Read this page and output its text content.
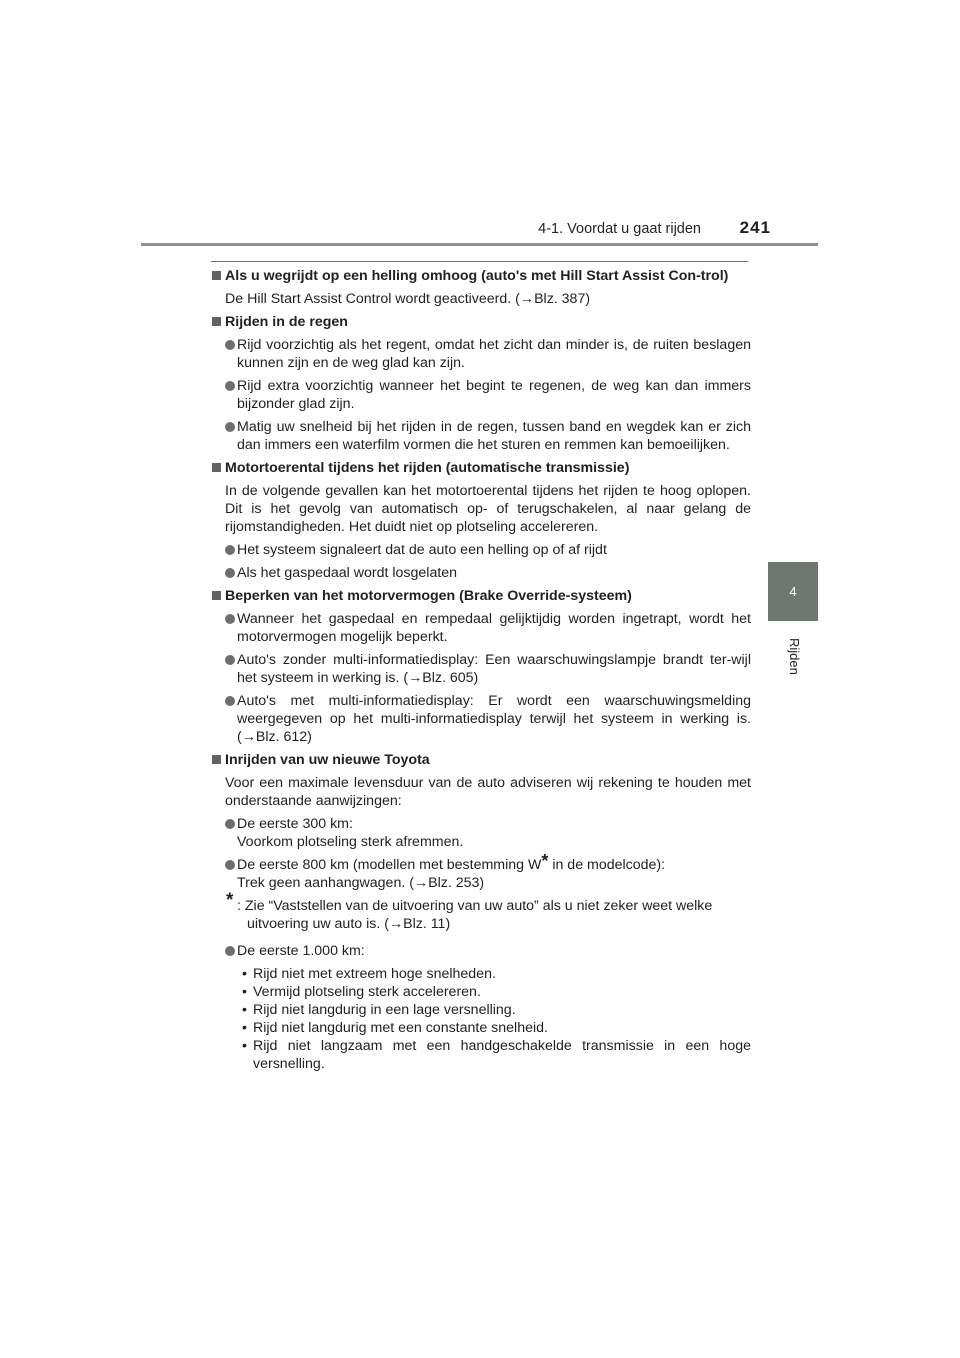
4-1. Voordat u gaat rijden 241
4
Rijden
Als u wegrijdt op een helling omhoog (auto's met Hill Start Assist Con-trol)
De Hill Start Assist Control wordt geactiveerd. (→Blz. 387)
Rijden in de regen
Rijd voorzichtig als het regent, omdat het zicht dan minder is, de ruiten beslagen kunnen zijn en de weg glad kan zijn.
Rijd extra voorzichtig wanneer het begint te regenen, de weg kan dan immers bijzonder glad zijn.
Matig uw snelheid bij het rijden in de regen, tussen band en wegdek kan er zich dan immers een waterfilm vormen die het sturen en remmen kan bemoeilijken.
Motortoerental tijdens het rijden (automatische transmissie)
In de volgende gevallen kan het motortoerental tijdens het rijden te hoog oplopen. Dit is het gevolg van automatisch op- of terugschakelen, al naar gelang de rijomstandigheden. Het duidt niet op plotseling accelereren.
Het systeem signaleert dat de auto een helling op of af rijdt
Als het gaspedaal wordt losgelaten
Beperken van het motorvermogen (Brake Override-systeem)
Wanneer het gaspedaal en rempedaal gelijktijdig worden ingetrapt, wordt het motorvermogen mogelijk beperkt.
Auto's zonder multi-informatiedisplay: Een waarschuwingslampje brandt ter-wijl het systeem in werking is. (→Blz. 605)
Auto's met multi-informatiedisplay: Er wordt een waarschuwingsmelding weergegeven op het multi-informatiedisplay terwijl het systeem in werking is. (→Blz. 612)
Inrijden van uw nieuwe Toyota
Voor een maximale levensduur van de auto adviseren wij rekening te houden met onderstaande aanwijzingen:
De eerste 300 km:
Voorkom plotseling sterk afremmen.
De eerste 800 km (modellen met bestemming W* in de modelcode):
Trek geen aanhangwagen. (→Blz. 253)
* : Zie “Vaststellen van de uitvoering van uw auto” als u niet zeker weet welke
uitvoering uw auto is. (→Blz. 11)
De eerste 1.000 km:
• Rijd niet met extreem hoge snelheden.
• Vermijd plotseling sterk accelereren.
• Rijd niet langdurig in een lage versnelling.
• Rijd niet langdurig met een constante snelheid.
• Rijd niet langzaam met een handgeschakelde transmissie in een hoge versnelling.
